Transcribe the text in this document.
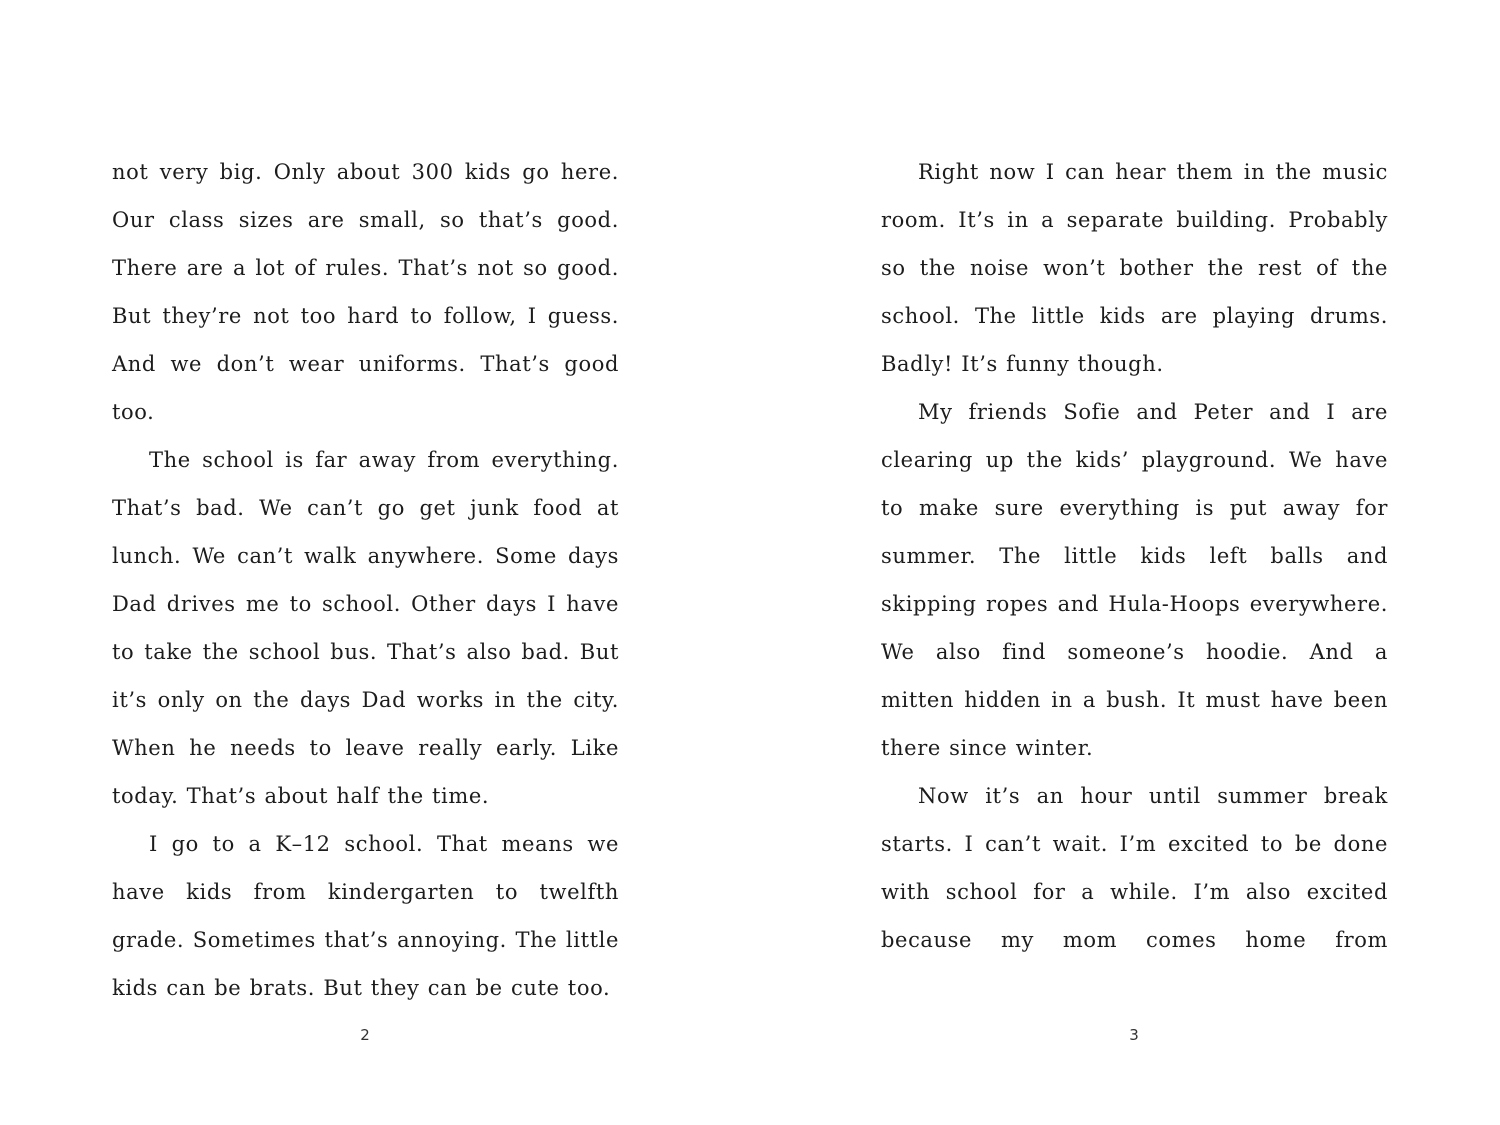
not very big. Only about 300 kids go here. Our class sizes are small, so that’s good. There are a lot of rules. That’s not so good. But they’re not too hard to follow, I guess. And we don’t wear uniforms. That’s good too.

The school is far away from everything. That’s bad. We can’t go get junk food at lunch. We can’t walk anywhere. Some days Dad drives me to school. Other days I have to take the school bus. That’s also bad. But it’s only on the days Dad works in the city. When he needs to leave really early. Like today. That’s about half the time.

I go to a K–12 school. That means we have kids from kindergarten to twelfth grade. Sometimes that’s annoying. The little kids can be brats. But they can be cute too.

2

Right now I can hear them in the music room. It’s in a separate building. Probably so the noise won’t bother the rest of the school. The little kids are playing drums. Badly! It’s funny though.

My friends Sofie and Peter and I are clearing up the kids’ playground. We have to make sure everything is put away for summer. The little kids left balls and skipping ropes and Hula-Hoops everywhere. We also find someone’s hoodie. And a mitten hidden in a bush. It must have been there since winter.

Now it’s an hour until summer break starts. I can’t wait. I’m excited to be done with school for a while. I’m also excited because my mom comes home from

3
